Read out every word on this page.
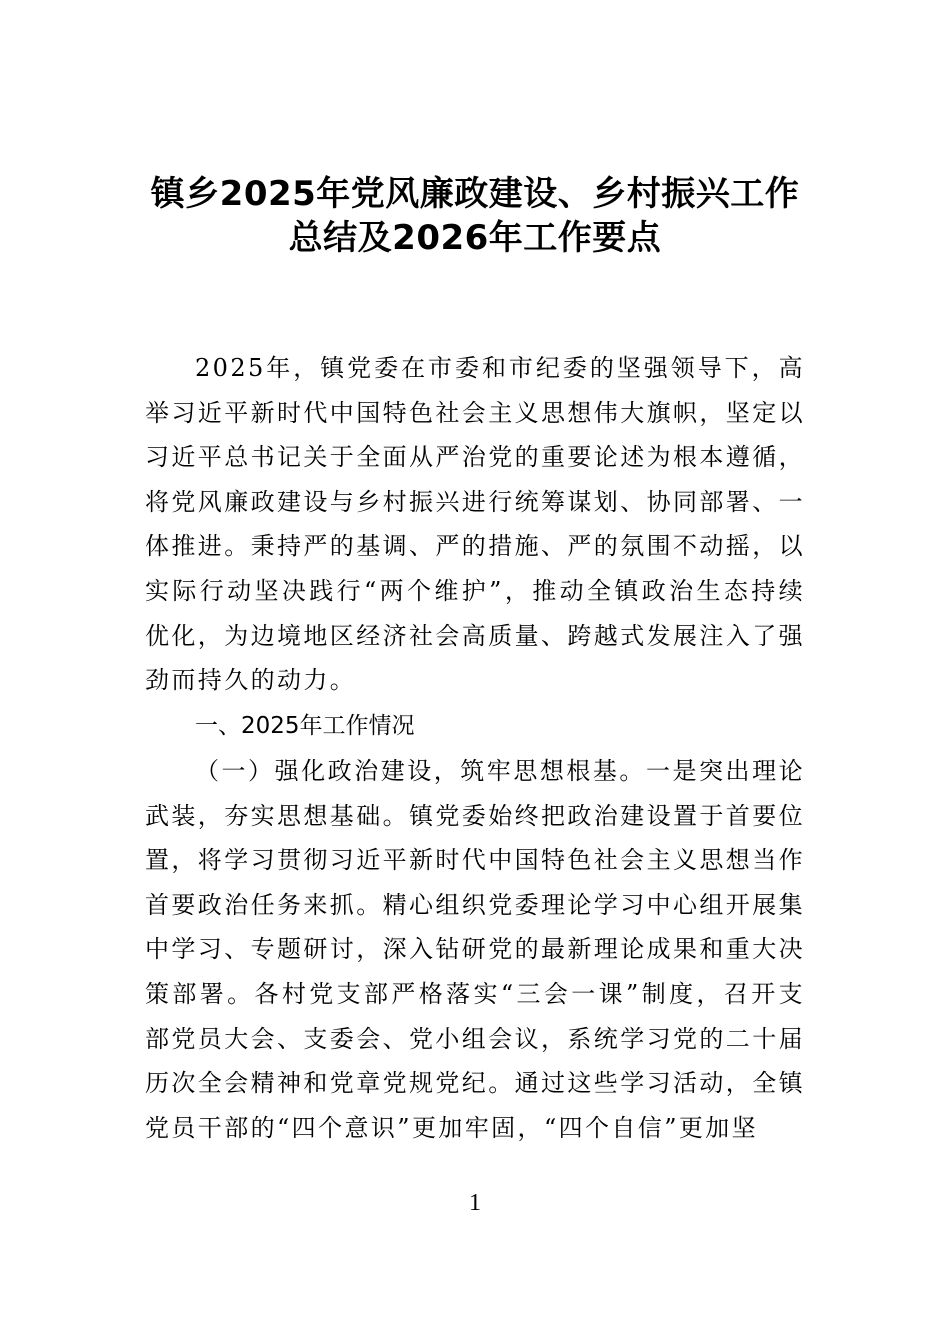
镇乡2025年党风廉政建设、乡村振兴工作
总结及2026年工作要点

2025年，镇党委在市委和市纪委的坚强领导下，高举习近平新时代中国特色社会主义思想伟大旗帜，坚定以习近平总书记关于全面从严治党的重要论述为根本遵循，将党风廉政建设与乡村振兴进行统筹谋划、协同部署、一体推进。秉持严的基调、严的措施、严的氛围不动摇，以实际行动坚决践行“两个维护”，推动全镇政治生态持续优化，为边境地区经济社会高质量、跨越式发展注入了强劲而持久的动力。

一、2025年工作情况

（一）强化政治建设，筑牢思想根基。一是突出理论武装，夯实思想基础。镇党委始终把政治建设置于首要位置，将学习贯彻习近平新时代中国特色社会主义思想当作首要政治任务来抓。精心组织党委理论学习中心组开展集中学习、专题研讨，深入钻研党的最新理论成果和重大决策部署。各村党支部严格落实“三会一课”制度，召开支部党员大会、支委会、党小组会议，系统学习党的二十届历次全会精神和党章党规党纪。通过这些学习活动，全镇党员干部的“四个意识”更加牢固，“四个自信”更加坚

1
